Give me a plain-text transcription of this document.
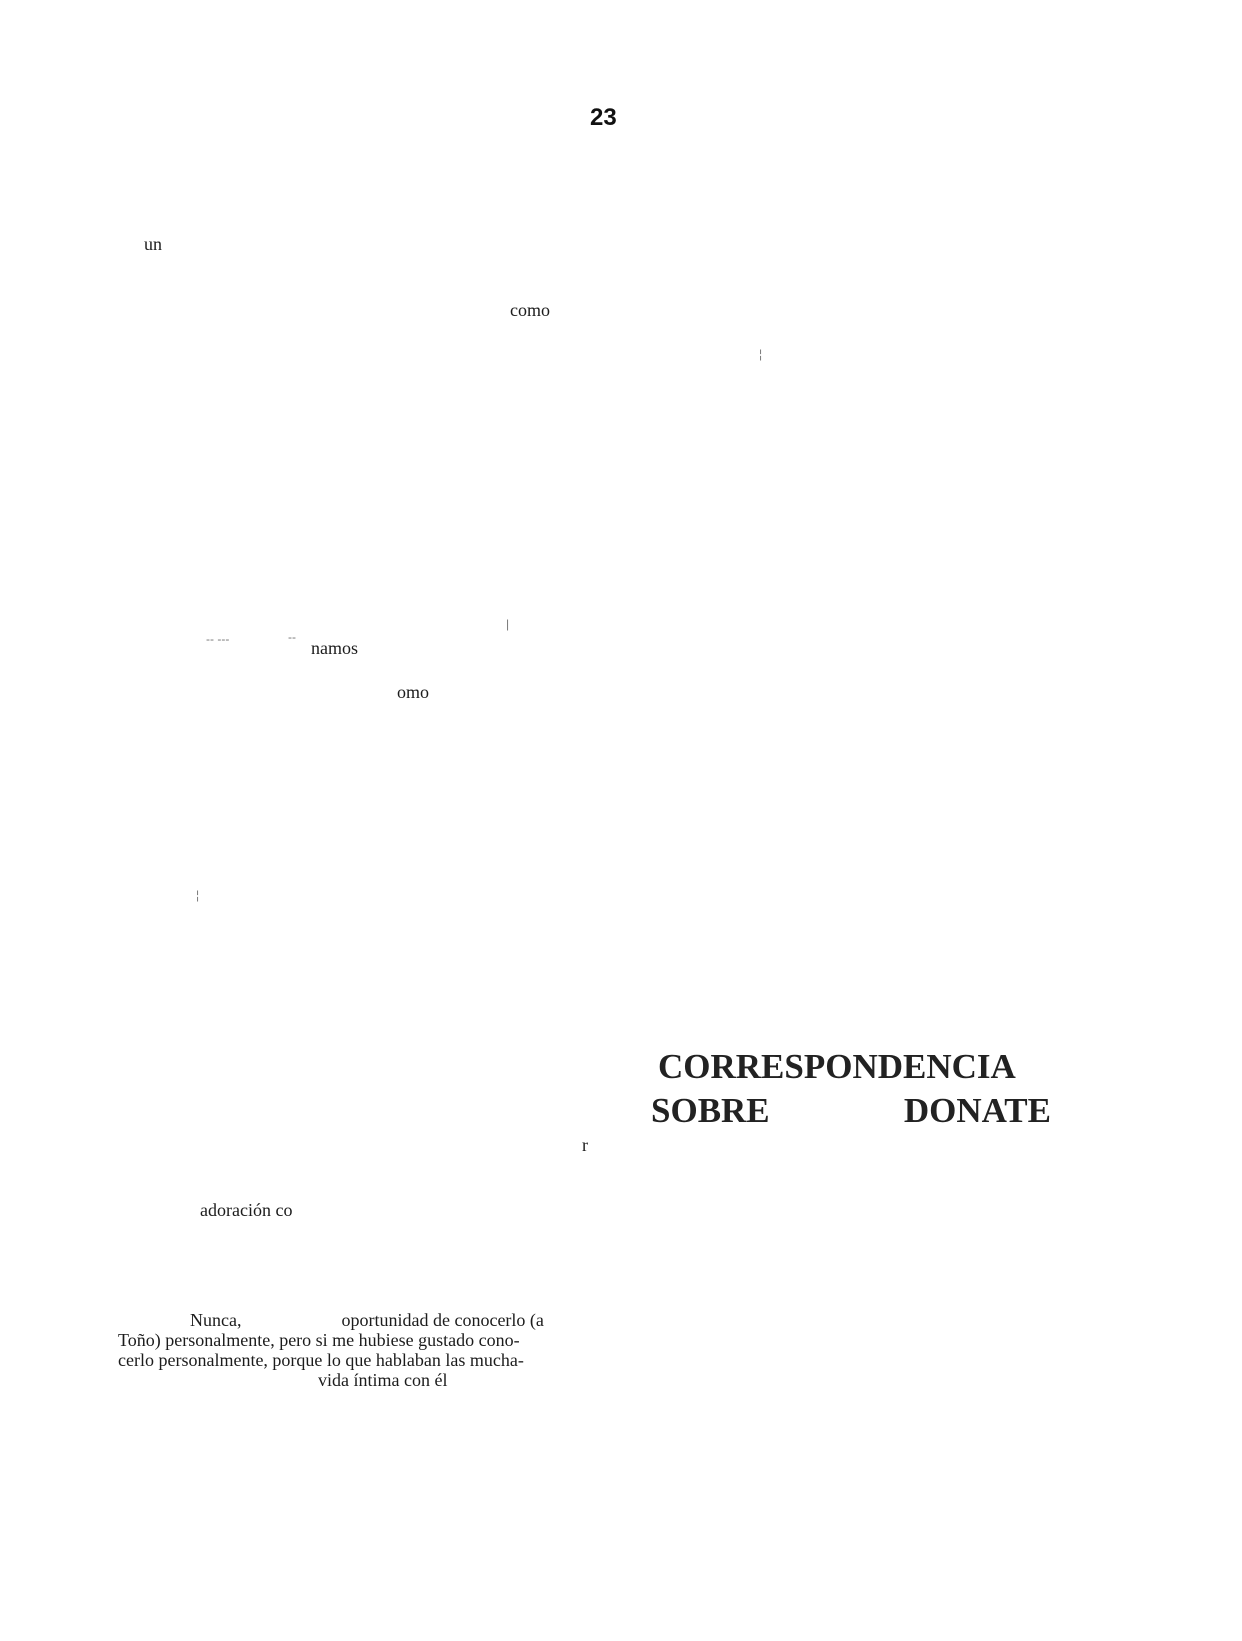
23
un
como
¦
-- ---	--
|
namos
omo
¦
CORRESPONDENCIA
SOBRE	DONATE
r
adoración co
Nunca,	oportunidad de conocerlo (a
Toño) personalmente, pero si me hubiese gustado cono-
cerlo personalmente, porque lo que hablaban las mucha-
vida íntima con él
